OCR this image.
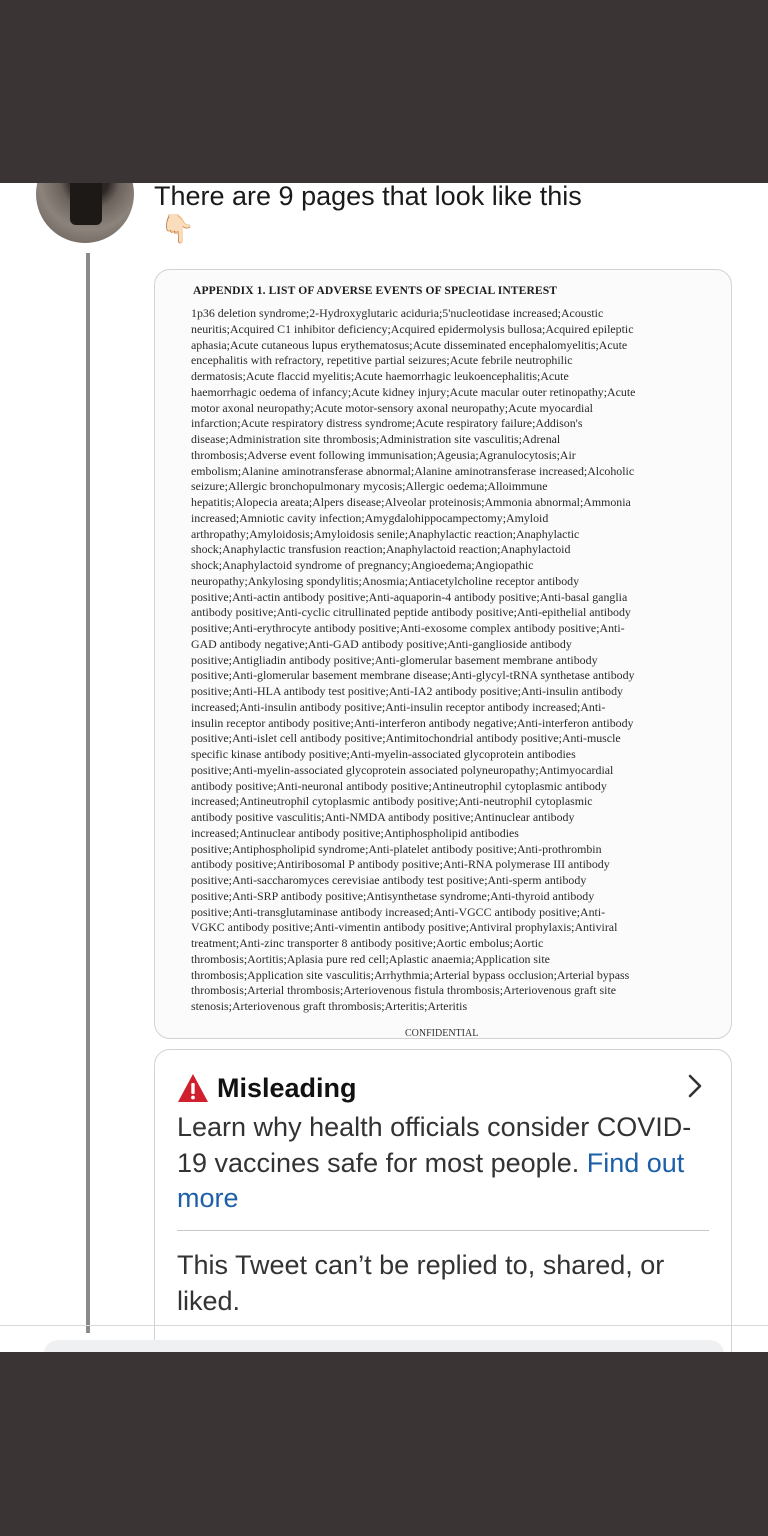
There are 9 pages that look like this
👇🏻
APPENDIX 1. LIST OF ADVERSE EVENTS OF SPECIAL INTEREST
1p36 deletion syndrome;2-Hydroxyglutaric aciduria;5'nucleotidase increased;Acoustic
neuritis;Acquired C1 inhibitor deficiency;Acquired epidermolysis bullosa;Acquired epileptic
aphasia;Acute cutaneous lupus erythematosus;Acute disseminated encephalomyelitis;Acute
encephalitis with refractory, repetitive partial seizures;Acute febrile neutrophilic
dermatosis;Acute flaccid myelitis;Acute haemorrhagic leukoencephalitis;Acute
haemorrhagic oedema of infancy;Acute kidney injury;Acute macular outer retinopathy;Acute
motor axonal neuropathy;Acute motor-sensory axonal neuropathy;Acute myocardial
infarction;Acute respiratory distress syndrome;Acute respiratory failure;Addison's
disease;Administration site thrombosis;Administration site vasculitis;Adrenal
thrombosis;Adverse event following immunisation;Ageusia;Agranulocytosis;Air
embolism;Alanine aminotransferase abnormal;Alanine aminotransferase increased;Alcoholic
seizure;Allergic bronchopulmonary mycosis;Allergic oedema;Alloimmune
hepatitis;Alopecia areata;Alpers disease;Alveolar proteinosis;Ammonia abnormal;Ammonia
increased;Amniotic cavity infection;Amygdalohippocampectomy;Amyloid
arthropathy;Amyloidosis;Amyloidosis senile;Anaphylactic reaction;Anaphylactic
shock;Anaphylactic transfusion reaction;Anaphylactoid reaction;Anaphylactoid
shock;Anaphylactoid syndrome of pregnancy;Angioedema;Angiopathic
neuropathy;Ankylosing spondylitis;Anosmia;Antiacetylcholine receptor antibody
positive;Anti-actin antibody positive;Anti-aquaporin-4 antibody positive;Anti-basal ganglia
antibody positive;Anti-cyclic citrullinated peptide antibody positive;Anti-epithelial antibody
positive;Anti-erythrocyte antibody positive;Anti-exosome complex antibody positive;Anti-
GAD antibody negative;Anti-GAD antibody positive;Anti-ganglioside antibody
positive;Antigliadin antibody positive;Anti-glomerular basement membrane antibody
positive;Anti-glomerular basement membrane disease;Anti-glycyl-tRNA synthetase antibody
positive;Anti-HLA antibody test positive;Anti-IA2 antibody positive;Anti-insulin antibody
increased;Anti-insulin antibody positive;Anti-insulin receptor antibody increased;Anti-
insulin receptor antibody positive;Anti-interferon antibody negative;Anti-interferon antibody
positive;Anti-islet cell antibody positive;Antimitochondrial antibody positive;Anti-muscle
specific kinase antibody positive;Anti-myelin-associated glycoprotein antibodies
positive;Anti-myelin-associated glycoprotein associated polyneuropathy;Antimyocardial
antibody positive;Anti-neuronal antibody positive;Antineutrophil cytoplasmic antibody
increased;Antineutrophil cytoplasmic antibody positive;Anti-neutrophil cytoplasmic
antibody positive vasculitis;Anti-NMDA antibody positive;Antinuclear antibody
increased;Antinuclear antibody positive;Antiphospholipid antibodies
positive;Antiphospholipid syndrome;Anti-platelet antibody positive;Anti-prothrombin
antibody positive;Antiribosomal P antibody positive;Anti-RNA polymerase III antibody
positive;Anti-saccharomyces cerevisiae antibody test positive;Anti-sperm antibody
positive;Anti-SRP antibody positive;Antisynthetase syndrome;Anti-thyroid antibody
positive;Anti-transglutaminase antibody increased;Anti-VGCC antibody positive;Anti-
VGKC antibody positive;Anti-vimentin antibody positive;Antiviral prophylaxis;Antiviral
treatment;Anti-zinc transporter 8 antibody positive;Aortic embolus;Aortic
thrombosis;Aortitis;Aplasia pure red cell;Aplastic anaemia;Application site
thrombosis;Application site vasculitis;Arrhythmia;Arterial bypass occlusion;Arterial bypass
thrombosis;Arterial thrombosis;Arteriovenous fistula thrombosis;Arteriovenous graft site
stenosis;Arteriovenous graft thrombosis;Arteritis;Arteritis
CONFIDENTIAL
Misleading
Learn why health officials consider COVID-19 vaccines safe for most people. Find out more
This Tweet can’t be replied to, shared, or liked.
